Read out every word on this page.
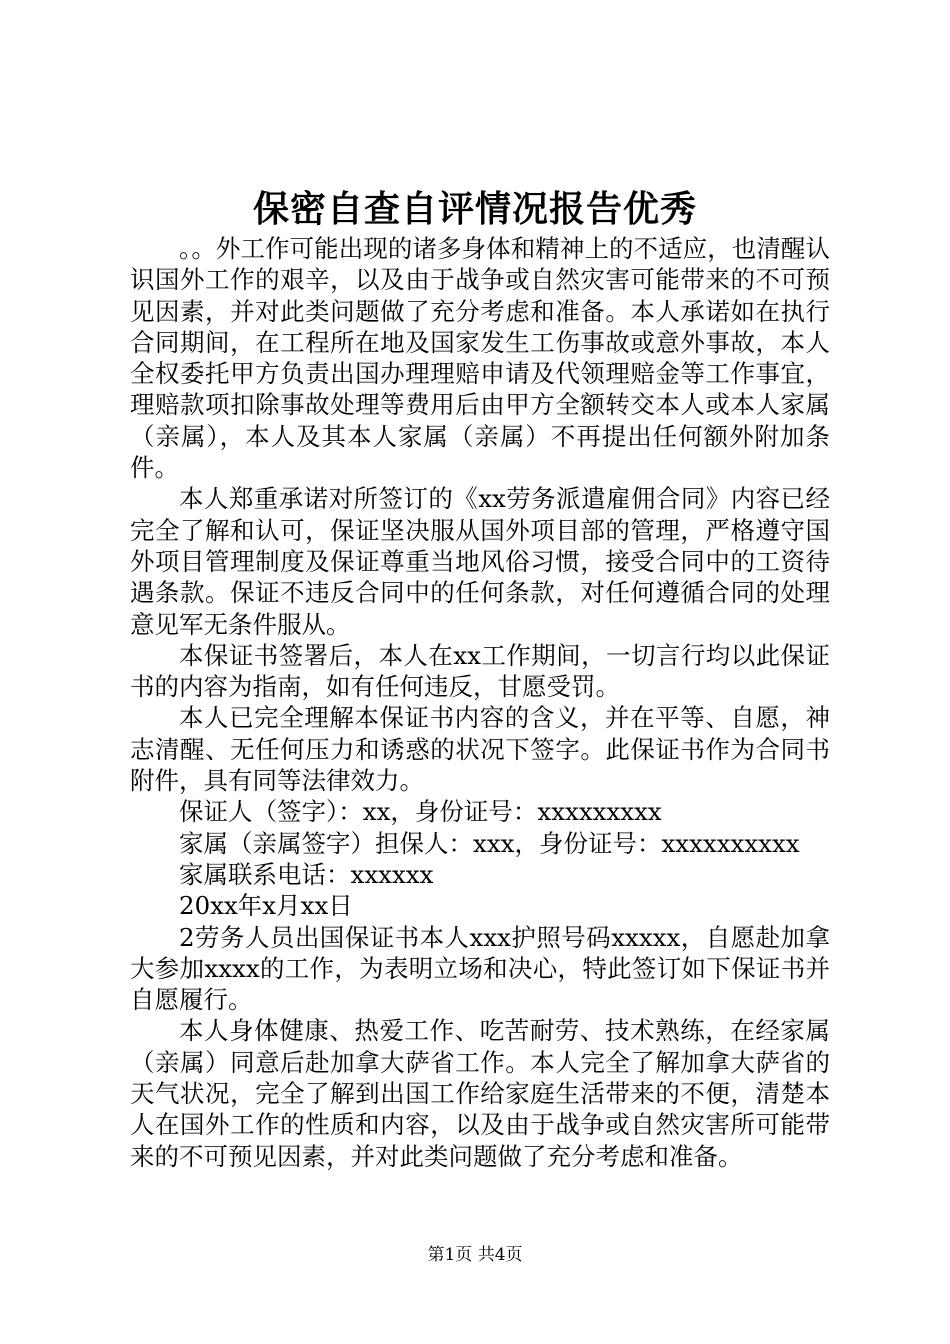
保密自查自评情况报告优秀

。。外工作可能出现的诸多身体和精神上的不适应，也清醒认识国外工作的艰辛，以及由于战争或自然灾害可能带来的不可预见因素，并对此类问题做了充分考虑和准备。本人承诺如在执行合同期间，在工程所在地及国家发生工伤事故或意外事故，本人全权委托甲方负责出国办理理赔申请及代领理赔金等工作事宜，理赔款项扣除事故处理等费用后由甲方全额转交本人或本人家属（亲属），本人及其本人家属（亲属）不再提出任何额外附加条件。

本人郑重承诺对所签订的《xx劳务派遣雇佣合同》内容已经完全了解和认可，保证坚决服从国外项目部的管理，严格遵守国外项目管理制度及保证尊重当地风俗习惯，接受合同中的工资待遇条款。保证不违反合同中的任何条款，对任何遵循合同的处理意见军无条件服从。

本保证书签署后，本人在xx工作期间，一切言行均以此保证书的内容为指南，如有任何违反，甘愿受罚。

本人已完全理解本保证书内容的含义，并在平等、自愿，神志清醒、无任何压力和诱惑的状况下签字。此保证书作为合同书附件，具有同等法律效力。

保证人（签字）：xx，身份证号：xxxxxxxxx

家属（亲属签字）担保人：xxx，身份证号：xxxxxxxxxx

家属联系电话：xxxxxx

20xx年x月xx日

2劳务人员出国保证书本人xxx护照号码xxxxx，自愿赴加拿大参加xxxx的工作，为表明立场和决心，特此签订如下保证书并自愿履行。

本人身体健康、热爱工作、吃苦耐劳、技术熟练，在经家属（亲属）同意后赴加拿大萨省工作。本人完全了解加拿大萨省的天气状况，完全了解到出国工作给家庭生活带来的不便，清楚本人在国外工作的性质和内容，以及由于战争或自然灾害所可能带来的不可预见因素，并对此类问题做了充分考虑和准备。

第1页 共4页
